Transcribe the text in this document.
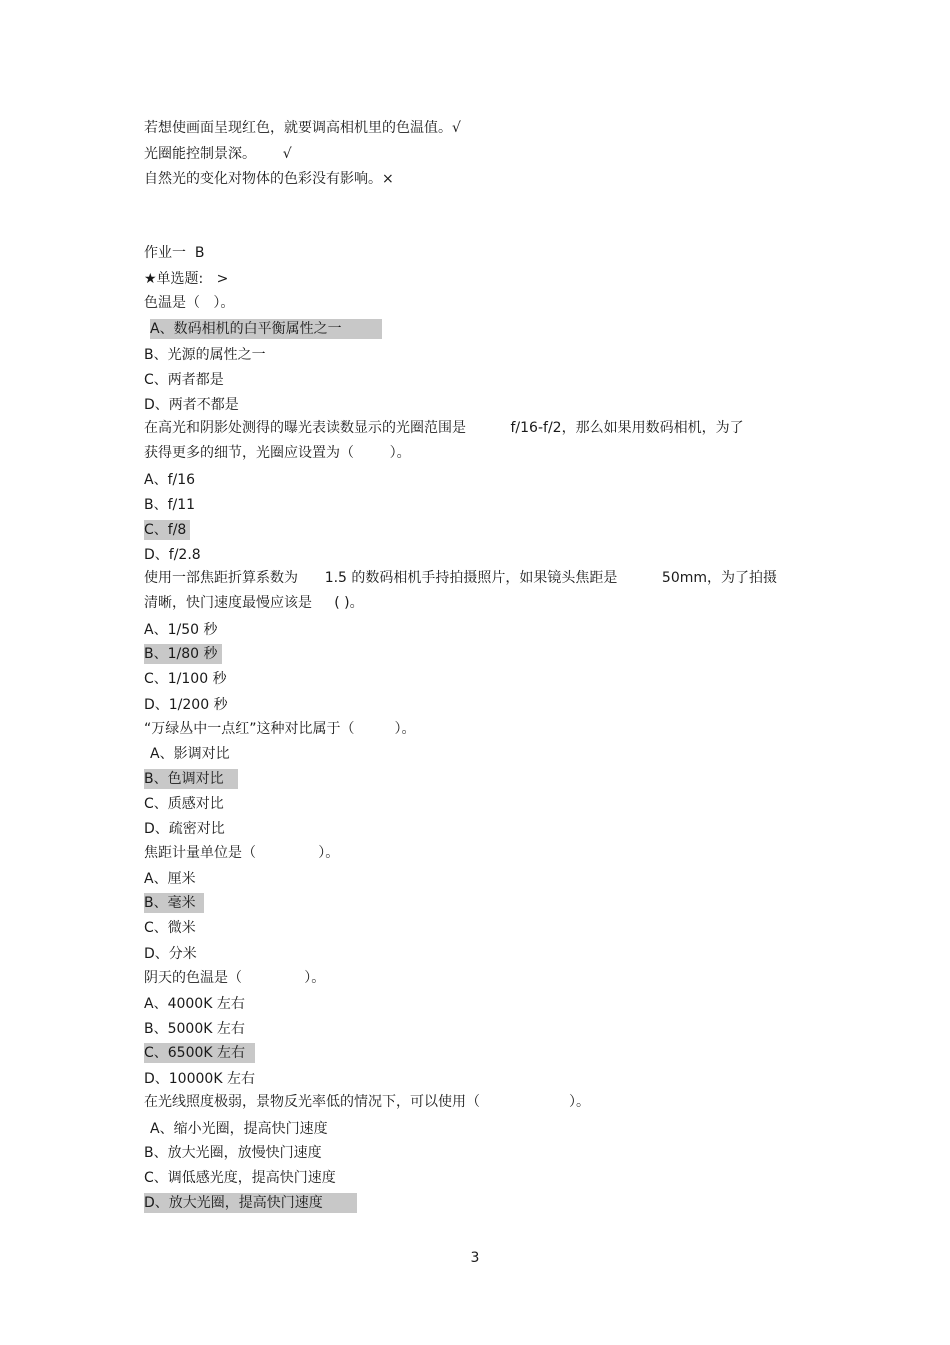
若想使画面呈现红色，就要调高相机里的色温值。√
光圈能控制景深。      √
自然光的变化对物体的色彩没有影响。×
作业一  B
★单选题:   >
色温是（   ）。
A、数码相机的白平衡属性之一
B、光源的属性之一
C、两者都是
D、两者不都是
在高光和阴影处测得的曝光表读数显示的光圈范围是          f/16-f/2，那么如果用数码相机，为了
获得更多的细节，光圈应设置为（        ）。
A、f/16
B、f/11
C、f/8
D、f/2.8
使用一部焦距折算系数为      1.5 的数码相机手持拍摄照片，如果镜头焦距是          50mm，为了拍摄
清晰，快门速度最慢应该是     ( )。
A、1/50 秒
B、1/80 秒
C、1/100 秒
D、1/200 秒
“万绿丛中一点红”这种对比属于（         ）。
A、影调对比
B、色调对比
C、质感对比
D、疏密对比
焦距计量单位是（              ）。
A、厘米
B、毫米
C、微米
D、分米
阴天的色温是（              ）。
A、4000K 左右
B、5000K 左右
C、6500K 左右
D、10000K 左右
在光线照度极弱，景物反光率低的情况下，可以使用（                    ）。
A、缩小光圈，提高快门速度
B、放大光圈，放慢快门速度
C、调低感光度，提高快门速度
D、放大光圈，提高快门速度
3
